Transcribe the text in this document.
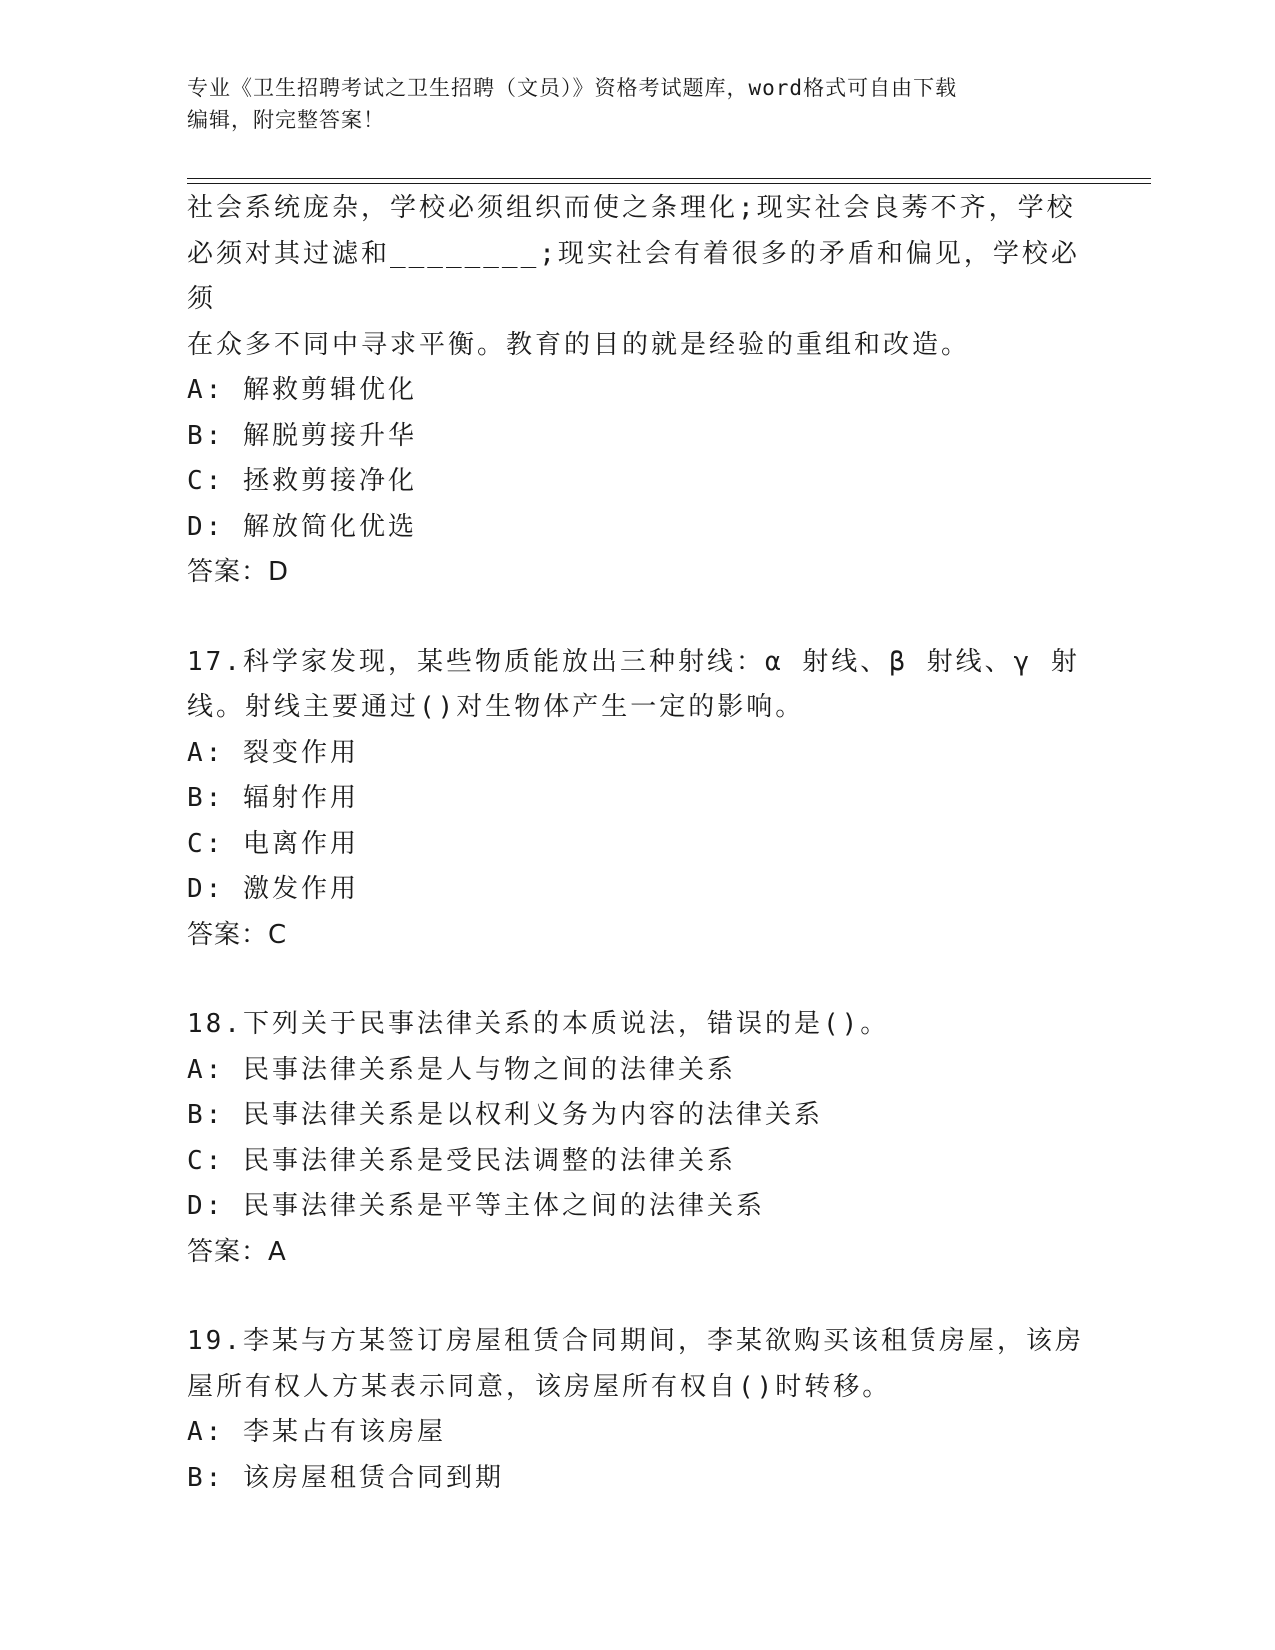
专业《卫生招聘考试之卫生招聘（文员）》资格考试题库，word格式可自由下载
编辑，附完整答案！
社会系统庞杂，学校必须组织而使之条理化;现实社会良莠不齐，学校
必须对其过滤和________;现实社会有着很多的矛盾和偏见，学校必须
在众多不同中寻求平衡。教育的目的就是经验的重组和改造。
A: 解救剪辑优化
B: 解脱剪接升华
C: 拯救剪接净化
D: 解放简化优选
答案：D
17.科学家发现，某些物质能放出三种射线：α 射线、β 射线、γ 射
线。射线主要通过()对生物体产生一定的影响。
A: 裂变作用
B: 辐射作用
C: 电离作用
D: 激发作用
答案：C
18.下列关于民事法律关系的本质说法，错误的是()。
A: 民事法律关系是人与物之间的法律关系
B: 民事法律关系是以权利义务为内容的法律关系
C: 民事法律关系是受民法调整的法律关系
D: 民事法律关系是平等主体之间的法律关系
答案：A
19.李某与方某签订房屋租赁合同期间，李某欲购买该租赁房屋，该房
屋所有权人方某表示同意，该房屋所有权自()时转移。
A: 李某占有该房屋
B: 该房屋租赁合同到期
